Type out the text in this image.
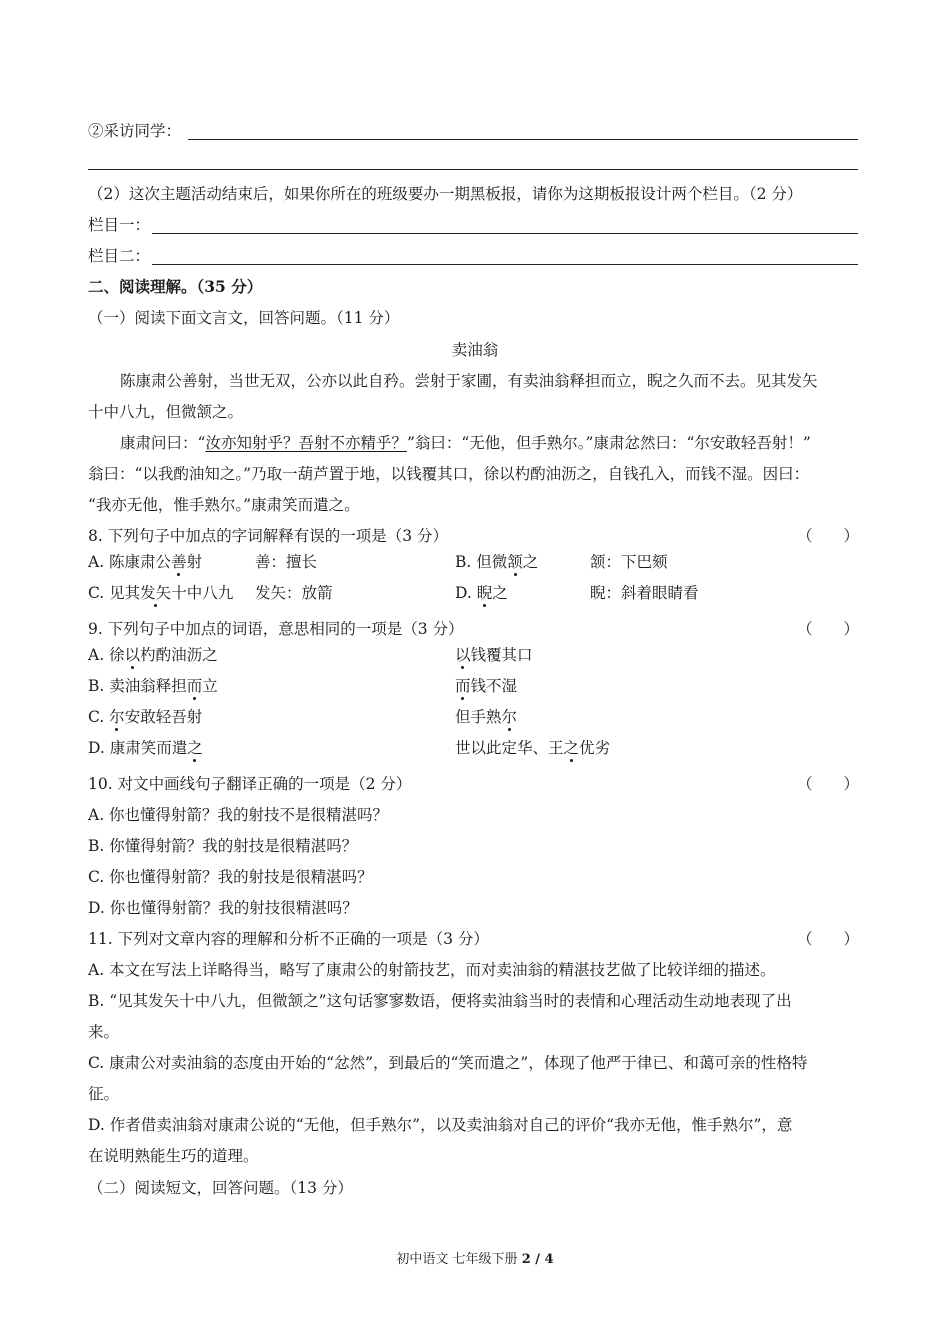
②采访同学：
（2）这次主题活动结束后，如果你所在的班级要办一期黑板报，请你为这期板报设计两个栏目。（2 分）
栏目一：
栏目二：
二、阅读理解。（35 分）
（一）阅读下面文言文，回答问题。（11 分）
卖油翁
陈康肃公善射，当世无双，公亦以此自矜。尝射于家圃，有卖油翁释担而立，睨之久而不去。见其发矢
十中八九，但微颔之。
康肃问曰：“汝亦知射乎？吾射不亦精乎？”翁曰：“无他，但手熟尔。”康肃忿然曰：“尔安敢轻吾射！”
翁曰：“以我酌油知之。”乃取一葫芦置于地，以钱覆其口，徐以杓酌油沥之，自钱孔入，而钱不湿。因曰：
“我亦无他，惟手熟尔。”康肃笑而遣之。
8. 下列句子中加点的字词解释有误的一项是（3 分）	（　　）
A. 陈康肃公善射	善：擅长	B. 但微颔之	颔：下巴颏
C. 见其发矢十中八九 发矢：放箭	D. 睨之	睨：斜着眼睛看
9. 下列句子中加点的词语，意思相同的一项是（3 分）	（　　）
A. 徐以杓酌油沥之	以钱覆其口
B. 卖油翁释担而立	而钱不湿
C. 尔安敢轻吾射	但手熟尔
D. 康肃笑而遣之	世以此定华、王之优劣
10. 对文中画线句子翻译正确的一项是（2 分）	（　　）
A. 你也懂得射箭？我的射技不是很精湛吗？
B. 你懂得射箭？我的射技是很精湛吗？
C. 你也懂得射箭？我的射技是很精湛吗？
D. 你也懂得射箭？我的射技很精湛吗？
11. 下列对文章内容的理解和分析不正确的一项是（3 分）	（　　）
A. 本文在写法上详略得当，略写了康肃公的射箭技艺，而对卖油翁的精湛技艺做了比较详细的描述。
B. “见其发矢十中八九，但微颔之”这句话寥寥数语，便将卖油翁当时的表情和心理活动生动地表现了出
来。
C. 康肃公对卖油翁的态度由开始的“忿然”，到最后的“笑而遣之”，体现了他严于律已、和蔼可亲的性格特
征。
D. 作者借卖油翁对康肃公说的“无他，但手熟尔”，以及卖油翁对自己的评价“我亦无他，惟手熟尔”，意
在说明熟能生巧的道理。
（二）阅读短文，回答问题。（13 分）
初中语文 七年级下册 2 / 4
